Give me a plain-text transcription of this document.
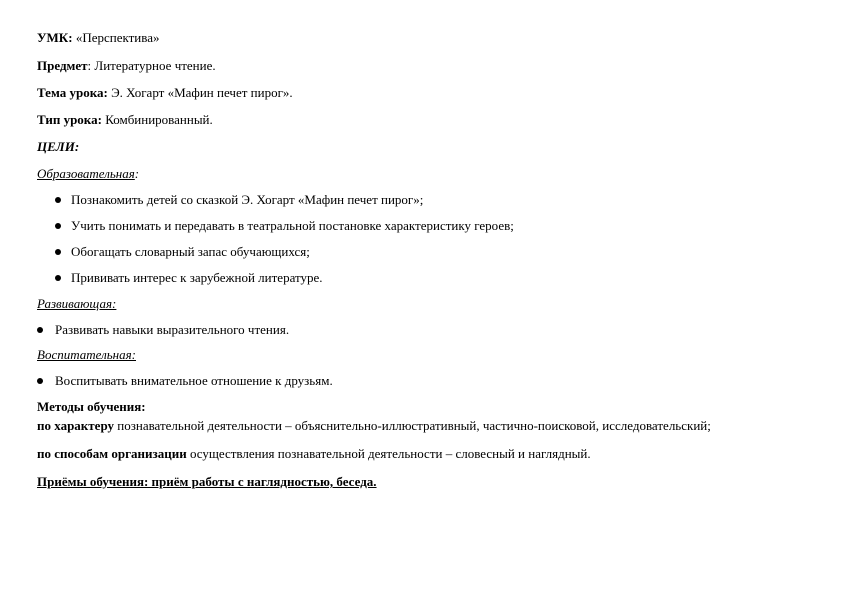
УМК: «Перспектива»
Предмет: Литературное чтение.
Тема урока: Э. Хогарт «Мафин печет пирог».
Тип урока: Комбинированный.
ЦЕЛИ:
Образовательная:
Познакомить детей со сказкой Э. Хогарт «Мафин печет пирог»;
Учить понимать и передавать в театральной постановке характеристику героев;
Обогащать словарный запас обучающихся;
Прививать интерес к зарубежной литературе.
Развивающая:
Развивать навыки выразительного чтения.
Воспитательная:
Воспитывать внимательное отношение к друзьям.
Методы обучения:
по характеру познавательной деятельности – объяснительно-иллюстративный, частично-поисковой, исследовательский;
по способам организации осуществления познавательной деятельности – словесный и наглядный.
Приёмы обучения: приём работы с наглядностью, беседа.
